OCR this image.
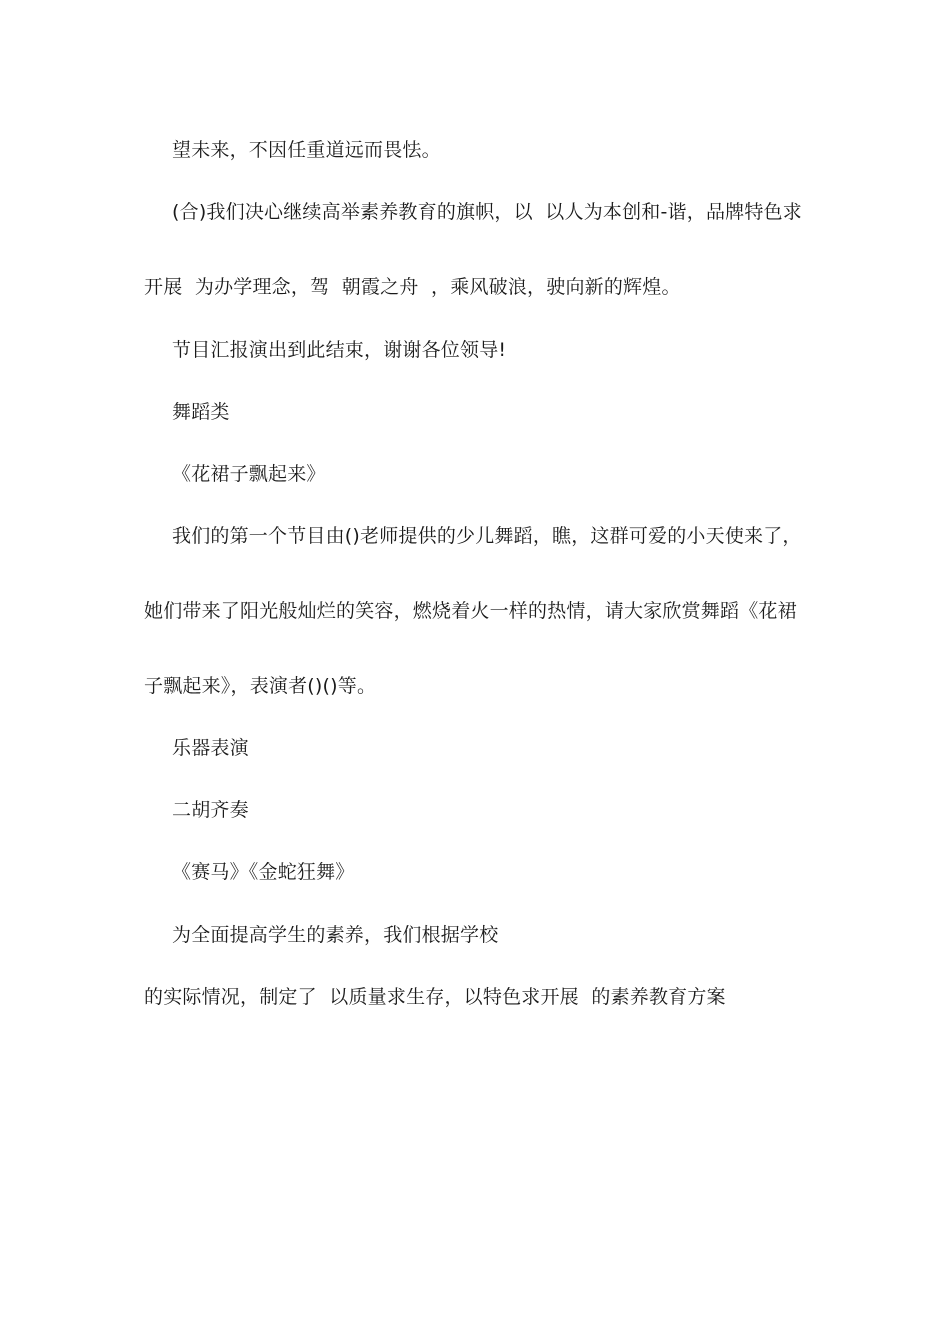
望未来，不因任重道远而畏怯。
(合)我们决心继续高举素养教育的旗帜，以  以人为本创和-谐，品牌特色求
开展  为办学理念，驾  朝霞之舟  ，乘风破浪，驶向新的辉煌。
节目汇报演出到此结束，谢谢各位领导!
舞蹈类
《花裙子飘起来》
我们的第一个节目由()老师提供的少儿舞蹈，瞧，这群可爱的小天使来了，
她们带来了阳光般灿烂的笑容，燃烧着火一样的热情，请大家欣赏舞蹈《花裙
子飘起来》，表演者()()等。
乐器表演
二胡齐奏
《赛马》《金蛇狂舞》
为全面提高学生的素养，我们根据学校
的实际情况，制定了  以质量求生存，以特色求开展  的素养教育方案
